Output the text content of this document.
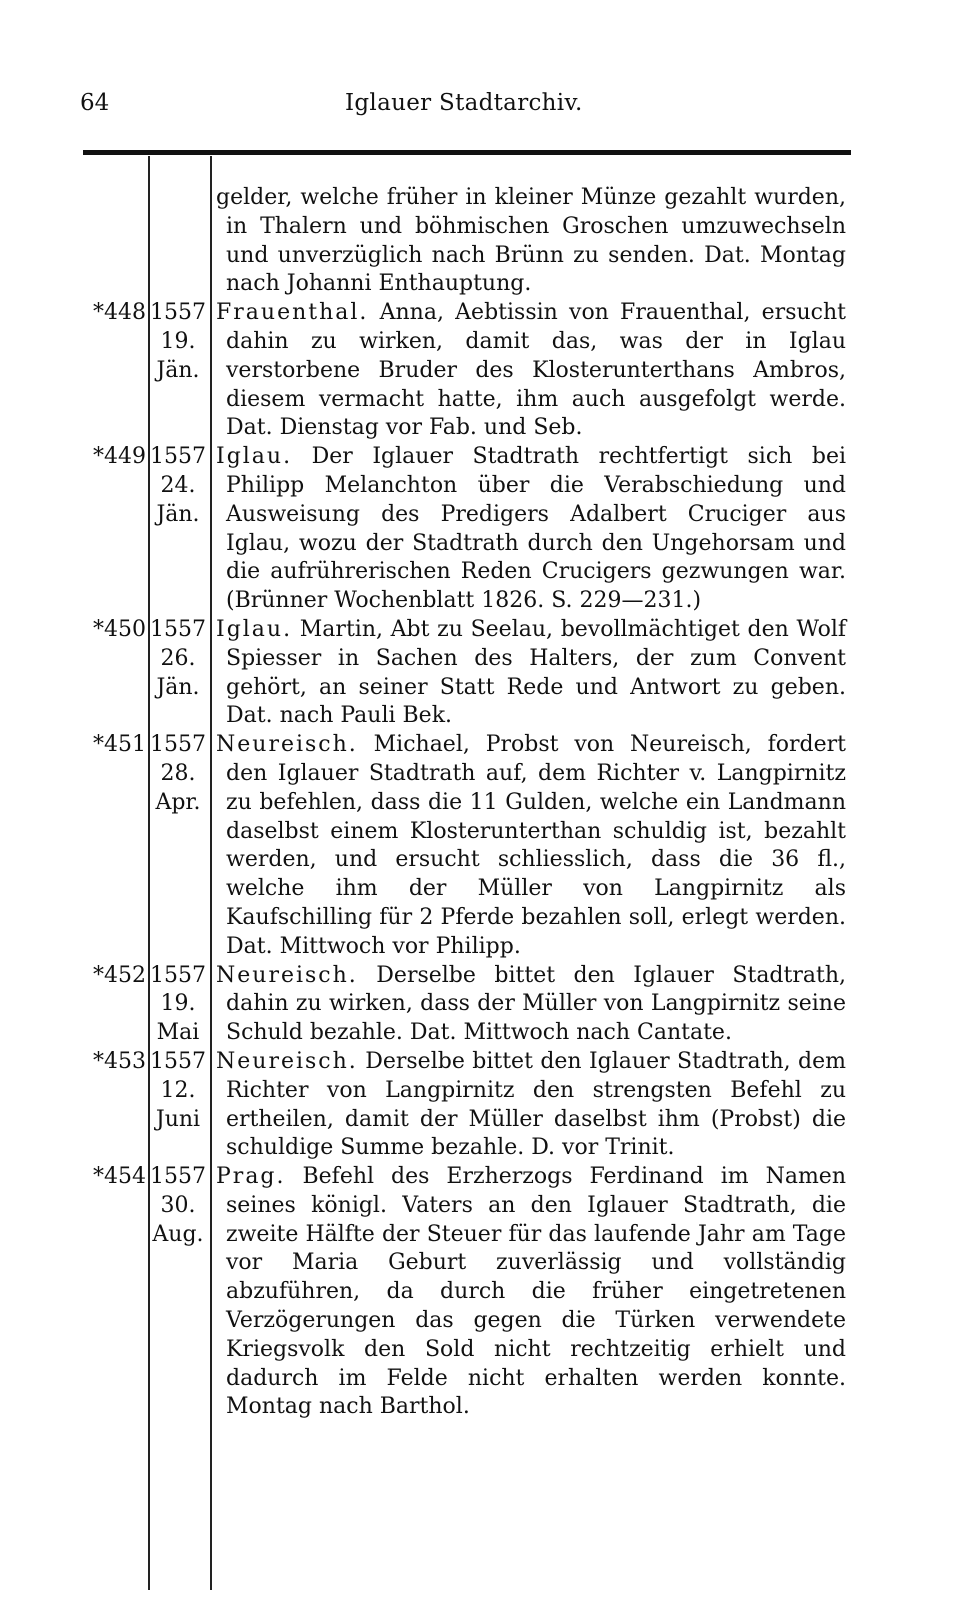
64	Iglauer Stadtarchiv.
gelder, welche früher in kleiner Münze gezahlt wurden, in Thalern und böhmischen Groschen umzuwechseln und unverzüglich nach Brünn zu senden. Dat. Montag nach Johanni Enthauptung.
*448 1557
19.
Jän.
Frauenthal. Anna, Aebtissin von Frauenthal, ersucht dahin zu wirken, damit das, was der in Iglau verstorbene Bruder des Klosterunterthans Ambros, diesem vermacht hatte, ihm auch ausgefolgt werde. Dat. Dienstag vor Fab. und Seb.
*449 1557
24.
Jän.
Iglau. Der Iglauer Stadtrath rechtfertigt sich bei Philipp Melanchton über die Verabschiedung und Ausweisung des Predigers Adalbert Cruciger aus Iglau, wozu der Stadtrath durch den Ungehorsam und die aufrührerischen Reden Crucigers gezwungen war. (Brünner Wochenblatt 1826. S. 229—231.)
*450 1557
26.
Jän.
Iglau. Martin, Abt zu Seelau, bevollmächtiget den Wolf Spiesser in Sachen des Halters, der zum Convent gehört, an seiner Statt Rede und Antwort zu geben. Dat. nach Pauli Bek.
*451 1557
28.
Apr.
Neureisch. Michael, Probst von Neureisch, fordert den Iglauer Stadtrath auf, dem Richter v. Langpirnitz zu befehlen, dass die 11 Gulden, welche ein Landmann daselbst einem Klosterunterthan schuldig ist, bezahlt werden, und ersucht schliesslich, dass die 36 fl., welche ihm der Müller von Langpirnitz als Kaufschilling für 2 Pferde bezahlen soll, erlegt werden. Dat. Mittwoch vor Philipp.
*452 1557
19.
Mai
Neureisch. Derselbe bittet den Iglauer Stadtrath, dahin zu wirken, dass der Müller von Langpirnitz seine Schuld bezahle. Dat. Mittwoch nach Cantate.
*453 1557
12.
Juni
Neureisch. Derselbe bittet den Iglauer Stadtrath, dem Richter von Langpirnitz den strengsten Befehl zu ertheilen, damit der Müller daselbst ihm (Probst) die schuldige Summe bezahle. D. vor Trinit.
*454 1557
30.
Aug.
Prag. Befehl des Erzherzogs Ferdinand im Namen seines königl. Vaters an den Iglauer Stadtrath, die zweite Hälfte der Steuer für das laufende Jahr am Tage vor Maria Geburt zuverlässig und vollständig abzuführen, da durch die früher eingetretenen Verzögerungen das gegen die Türken verwendete Kriegsvolk den Sold nicht rechtzeitig erhielt und dadurch im Felde nicht erhalten werden konnte. Montag nach Barthol.
